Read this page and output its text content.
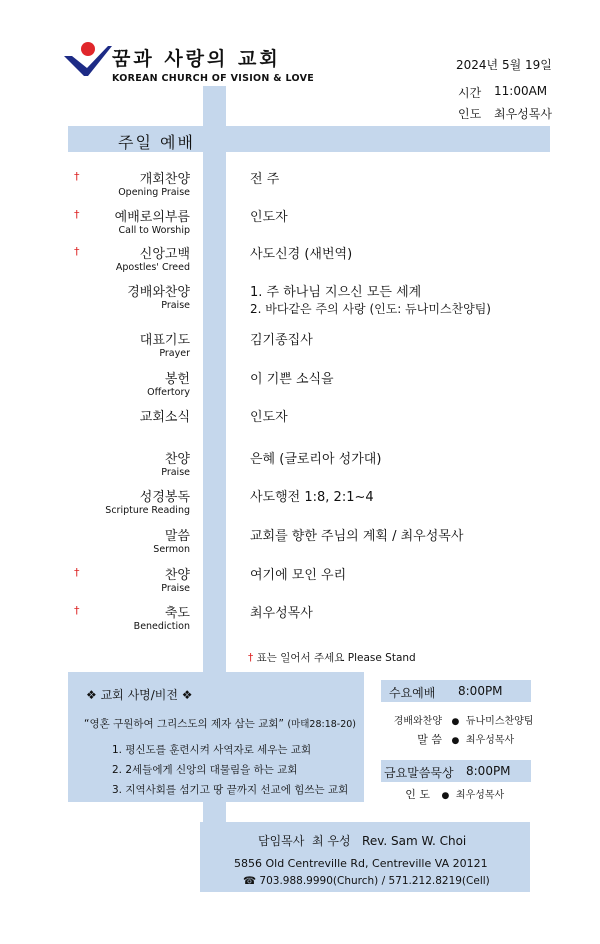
꿈과 사랑의 교회
KOREAN CHURCH OF VISION & LOVE
2024년 5월 19일
시간 11:00AM
인도 최우성목사
주일 예배
†	개회찬양
Opening Praise
전 주
†	예배로의부름
Call to Worship
인도자
†	신앙고백
Apostles' Creed
사도신경 (새번역)
경배와찬양
Praise
1. 주 하나님 지으신 모든 세계
2. 바다같은 주의 사랑 (인도: 듀나미스찬양팀)
대표기도
Prayer
김기종집사
봉헌
Offertory
이 기쁜 소식을
교회소식	인도자
찬양
Praise
은혜 (글로리아 성가대)
성경봉독
Scripture Reading
사도행전 1:8, 2:1~4
말씀
Sermon
교회를 향한 주님의 계획 / 최우성목사
†	찬양
Praise
여기에 모인 우리
†	축도
Benediction
최우성목사
† 표는 일어서 주세요 Please Stand
❖ 교회 사명/비전 ❖
“영혼 구원하여 그리스도의 제자 삼는 교회” (마태28:18-20)
1. 평신도를 훈련시켜 사역자로 세우는 교회
2. 2세들에게 신앙의 대물림을 하는 교회
3. 지역사회를 섬기고 땅 끝까지 선교에 힘쓰는 교회
수요예배 8:00PM
경배와찬양 ● 듀나미스찬양팀
말 씀 ● 최우성목사
금요말씀묵상 8:00PM
인 도 ● 최우성목사
담임목사  최 우성   Rev. Sam W. Choi
5856 Old Centreville Rd, Centreville VA 20121
☎ 703.988.9990(Church) / 571.212.8219(Cell)
